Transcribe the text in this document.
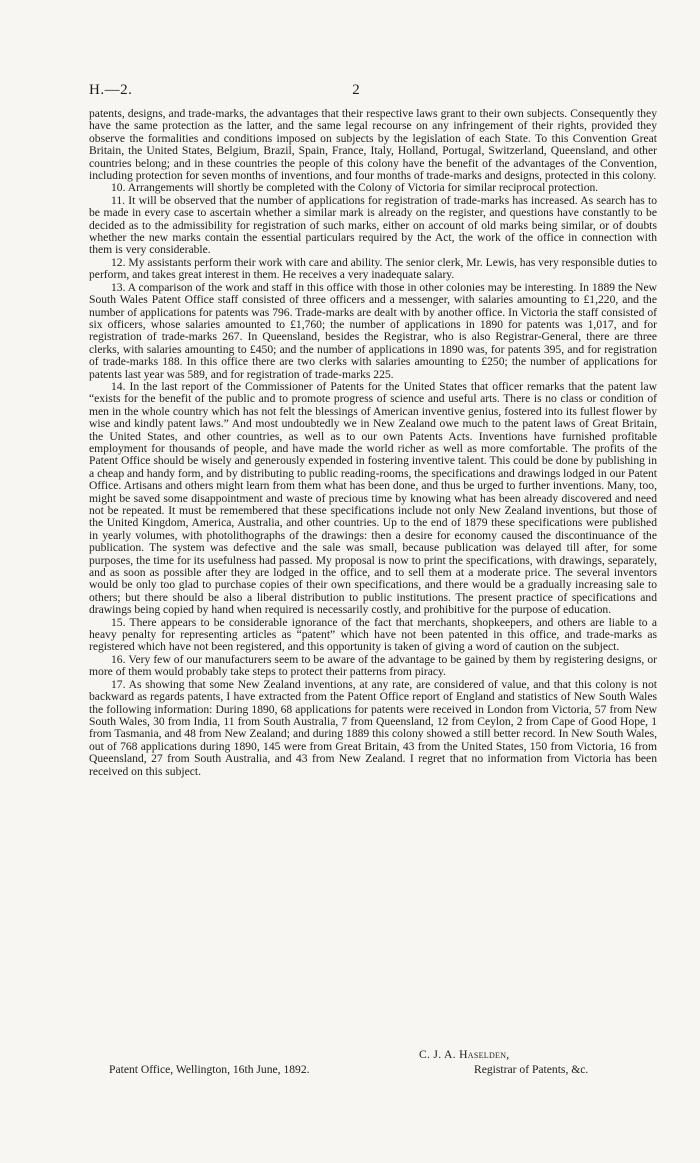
H.—2.	2

patents, designs, and trade-marks, the advantages that their respective laws grant to their own subjects. Consequently they have the same protection as the latter, and the same legal recourse on any infringement of their rights, provided they observe the formalities and conditions imposed on subjects by the legislation of each State. To this Convention Great Britain, the United States, Belgium, Brazil, Spain, France, Italy, Holland, Portugal, Switzerland, Queensland, and other countries belong; and in these countries the people of this colony have the benefit of the advantages of the Convention, including protection for seven months of inventions, and four months of trade-marks and designs, protected in this colony.

10. Arrangements will shortly be completed with the Colony of Victoria for similar reciprocal protection.

11. It will be observed that the number of applications for registration of trade-marks has increased. As search has to be made in every case to ascertain whether a similar mark is already on the register, and questions have constantly to be decided as to the admissibility for registration of such marks, either on account of old marks being similar, or of doubts whether the new marks contain the essential particulars required by the Act, the work of the office in connection with them is very considerable.

12. My assistants perform their work with care and ability. The senior clerk, Mr. Lewis, has very responsible duties to perform, and takes great interest in them. He receives a very inadequate salary.

13. A comparison of the work and staff in this office with those in other colonies may be interesting. In 1889 the New South Wales Patent Office staff consisted of three officers and a messenger, with salaries amounting to £1,220, and the number of applications for patents was 796. Trade-marks are dealt with by another office. In Victoria the staff consisted of six officers, whose salaries amounted to £1,760; the number of applications in 1890 for patents was 1,017, and for registration of trade-marks 267. In Queensland, besides the Registrar, who is also Registrar-General, there are three clerks, with salaries amounting to £450; and the number of applications in 1890 was, for patents 395, and for registration of trade-marks 188. In this office there are two clerks with salaries amounting to £250; the number of applications for patents last year was 589, and for registration of trade-marks 225.

14. In the last report of the Commissioner of Patents for the United States that officer remarks that the patent law “exists for the benefit of the public and to promote progress of science and useful arts. There is no class or condition of men in the whole country which has not felt the blessings of American inventive genius, fostered into its fullest flower by wise and kindly patent laws.” And most undoubtedly we in New Zealand owe much to the patent laws of Great Britain, the United States, and other countries, as well as to our own Patents Acts. Inventions have furnished profitable employment for thousands of people, and have made the world richer as well as more comfortable. The profits of the Patent Office should be wisely and generously expended in fostering inventive talent. This could be done by publishing in a cheap and handy form, and by distributing to public reading-rooms, the specifications and drawings lodged in our Patent Office. Artisans and others might learn from them what has been done, and thus be urged to further inventions. Many, too, might be saved some disappointment and waste of precious time by knowing what has been already discovered and need not be repeated. It must be remembered that these specifications include not only New Zealand inventions, but those of the United Kingdom, America, Australia, and other countries. Up to the end of 1879 these specifications were published in yearly volumes, with photolithographs of the drawings: then a desire for economy caused the discontinuance of the publication. The system was defective and the sale was small, because publication was delayed till after, for some purposes, the time for its usefulness had passed. My proposal is now to print the specifications, with drawings, separately, and as soon as possible after they are lodged in the office, and to sell them at a moderate price. The several inventors would be only too glad to purchase copies of their own specifications, and there would be a gradually increasing sale to others; but there should be also a liberal distribution to public institutions. The present practice of specifications and drawings being copied by hand when required is necessarily costly, and prohibitive for the purpose of education.

15. There appears to be considerable ignorance of the fact that merchants, shopkeepers, and others are liable to a heavy penalty for representing articles as “patent” which have not been patented in this office, and trade-marks as registered which have not been registered, and this opportunity is taken of giving a word of caution on the subject.

16. Very few of our manufacturers seem to be aware of the advantage to be gained by them by registering designs, or more of them would probably take steps to protect their patterns from piracy.

17. As showing that some New Zealand inventions, at any rate, are considered of value, and that this colony is not backward as regards patents, I have extracted from the Patent Office report of England and statistics of New South Wales the following information: During 1890, 68 applications for patents were received in London from Victoria, 57 from New South Wales, 30 from India, 11 from South Australia, 7 from Queensland, 12 from Ceylon, 2 from Cape of Good Hope, 1 from Tasmania, and 48 from New Zealand; and during 1889 this colony showed a still better record. In New South Wales, out of 768 applications during 1890, 145 were from Great Britain, 43 from the United States, 150 from Victoria, 16 from Queensland, 27 from South Australia, and 43 from New Zealand. I regret that no information from Victoria has been received on this subject.

Patent Office, Wellington, 16th June, 1892.
C. J. A. Haselden,
Registrar of Patents, &c.
